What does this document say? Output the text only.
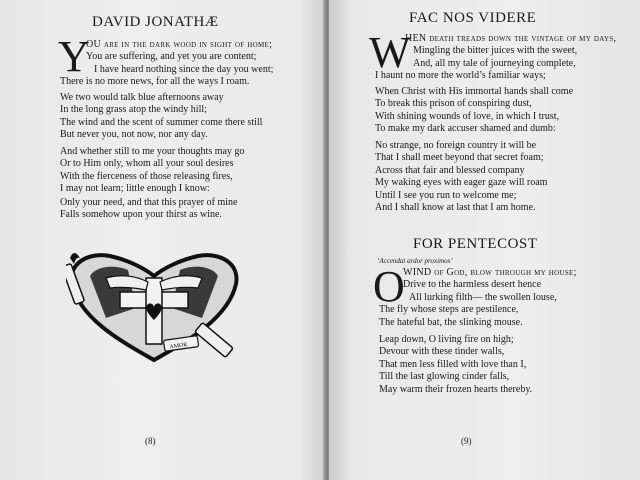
DAVID JONATHÆ
Y
OU are in the dark wood in sight of home;
You are suffering, and yet you are content;
I have heard nothing since the day you went;
There is no more news, for all the ways I roam.
We two would talk blue afternoons away
In the long grass atop the windy hill;
The wind and the scent of summer come there still
But never you, not now, nor any day.
And whether still to me your thoughts may go
Or to Him only, whom all your soul desires
With the fierceness of those releasing fires,
I may not learn; little enough I know:
Only your need, and that this prayer of mine
Falls somehow upon your thirst as wine.
AMOR

(8)

FAC NOS VIDERE
W
HEN death treads down the vintage of my days,
Mingling the bitter juices with the sweet,
And, all my tale of journeying complete,
I haunt no more the world’s familiar ways;
When Christ with His immortal hands shall come
To break this prison of conspiring dust,
With shining wounds of love, in which I trust,
To make my dark accuser shamed and dumb:
No strange, no foreign country it will be
That I shall meet beyond that secret foam;
Across that fair and blessed company
My waking eyes with eager gaze will roam
Until I see you run to welcome me;
And I shall know at last that I am home.
FOR PENTECOST

‘Accendat ardor proximos’

O
WIND of God, blow through my house;
Drive to the harmless desert hence
All lurking filth— the swollen louse,
The fly whose steps are pestilence,
The hateful bat, the slinking mouse.
Leap down, O living fire on high;
Devour with these tinder walls,
That men less filled with love than I,
Till the last glowing cinder falls,
May warm their frozen hearts thereby.

(9)
